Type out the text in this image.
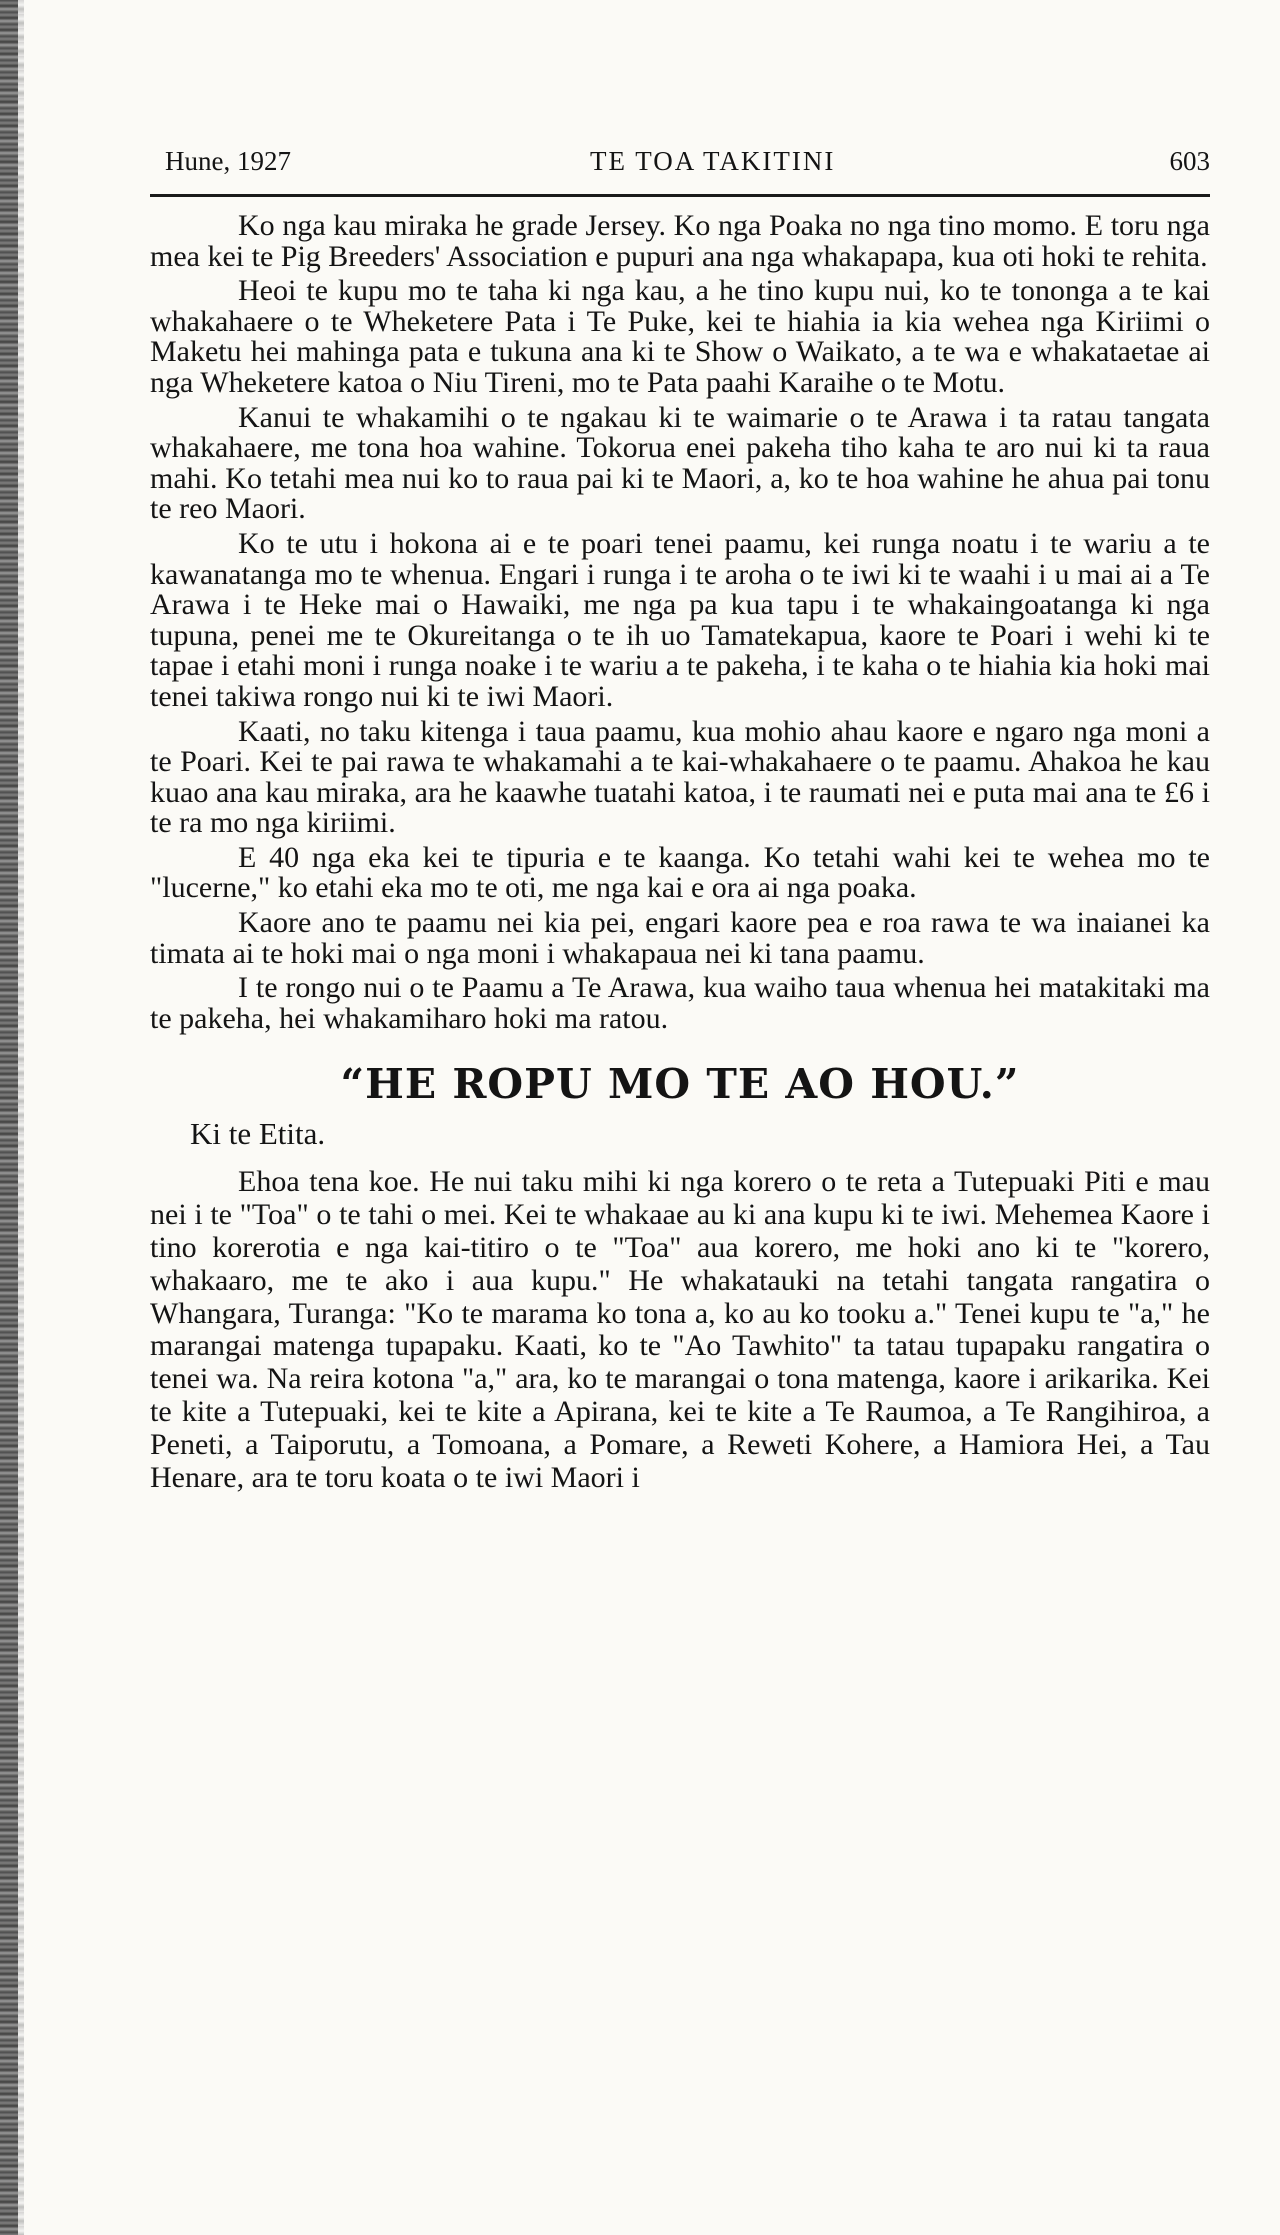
Hune, 1927	TE TOA TAKITINI	603

Ko nga kau miraka he grade Jersey. Ko nga Poaka no nga tino momo. E toru nga mea kei te Pig Breeders' Association e pupuri ana nga whakapapa, kua oti hoki te rehita.

Heoi te kupu mo te taha ki nga kau, a he tino kupu nui, ko te tononga a te kai whakahaere o te Wheketere Pata i Te Puke, kei te hiahia ia kia wehea nga Kiriimi o Maketu hei mahinga pata e tukuna ana ki te Show o Waikato, a te wa e whakataetae ai nga Wheketere katoa o Niu Tireni, mo te Pata paahi Karaihe o te Motu.

Kanui te whakamihi o te ngakau ki te waimarie o te Arawa i ta ratau tangata whakahaere, me tona hoa wahine. Tokorua enei pakeha tiho kaha te aro nui ki ta raua mahi. Ko tetahi mea nui ko to raua pai ki te Maori, a, ko te hoa wahine he ahua pai tonu te reo Maori.

Ko te utu i hokona ai e te poari tenei paamu, kei runga noatu i te wariu a te kawanatanga mo te whenua. Engari i runga i te aroha o te iwi ki te waahi i u mai ai a Te Arawa i te Heke mai o Hawaiki, me nga pa kua tapu i te whakaingoatanga ki nga tupuna, penei me te Okureitanga o te ih uo Tamatekapua, kaore te Poari i wehi ki te tapae i etahi moni i runga noake i te wariu a te pakeha, i te kaha o te hiahia kia hoki mai tenei takiwa rongo nui ki te iwi Maori.

Kaati, no taku kitenga i taua paamu, kua mohio ahau kaore e ngaro nga moni a te Poari. Kei te pai rawa te whakamahi a te kai-whakahaere o te paamu. Ahakoa he kau kuao ana kau miraka, ara he kaawhe tuatahi katoa, i te raumati nei e puta mai ana te £6 i te ra mo nga kiriimi.

E 40 nga eka kei te tipuria e te kaanga. Ko tetahi wahi kei te wehea mo te "lucerne," ko etahi eka mo te oti, me nga kai e ora ai nga poaka.

Kaore ano te paamu nei kia pei, engari kaore pea e roa rawa te wa inaianei ka timata ai te hoki mai o nga moni i whakapaua nei ki tana paamu.

I te rongo nui o te Paamu a Te Arawa, kua waiho taua whenua hei matakitaki ma te pakeha, hei whakamiharo hoki ma ratou.

“HE ROPU MO TE AO HOU.”
Ki te Etita.

Ehoa tena koe. He nui taku mihi ki nga korero o te reta a Tutepuaki Piti e mau nei i te "Toa" o te tahi o mei. Kei te whakaae au ki ana kupu ki te iwi. Mehemea Kaore i tino korerotia e nga kai-titiro o te "Toa" aua korero, me hoki ano ki te "korero, whakaaro, me te ako i aua kupu." He whakatauki na tetahi tangata rangatira o Whangara, Turanga: "Ko te marama ko tona a, ko au ko tooku a." Tenei kupu te "a," he marangai matenga tupapaku. Kaati, ko te "Ao Tawhito" ta tatau tupapaku rangatira o tenei wa. Na reira kotona "a," ara, ko te marangai o tona matenga, kaore i arikarika. Kei te kite a Tutepuaki, kei te kite a Apirana, kei te kite a Te Raumoa, a Te Rangihiroa, a Peneti, a Taiporutu, a Tomoana, a Pomare, a Reweti Kohere, a Hamiora Hei, a Tau Henare, ara te toru koata o te iwi Maori i
